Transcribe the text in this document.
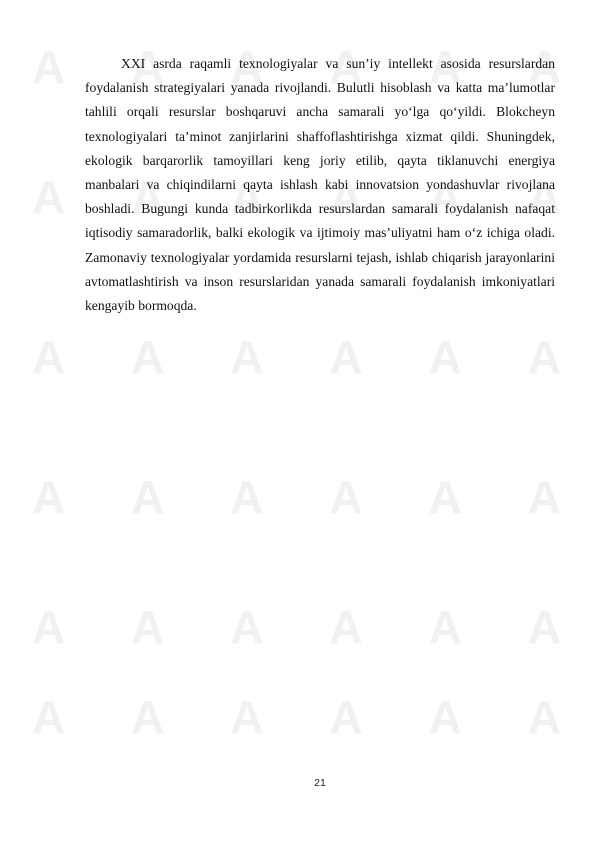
A A A A A A
A A A A A A
A A A A A A
A A A A A A
A A A A A A
A A A A A A

XXI asrda raqamli texnologiyalar va sun’iy intellekt asosida resurslardan foydalanish strategiyalari yanada rivojlandi. Bulutli hisoblash va katta ma’lumotlar tahlili orqali resurslar boshqaruvi ancha samarali yo‘lga qo‘yildi. Blokcheyn texnologiyalari ta’minot zanjirlarini shaffoflashtirishga xizmat qildi. Shuningdek, ekologik barqarorlik tamoyillari keng joriy etilib, qayta tiklanuvchi energiya manbalari va chiqindilarni qayta ishlash kabi innovatsion yondashuvlar rivojlana boshladi. Bugungi kunda tadbirkorlikda resurslardan samarali foydalanish nafaqat iqtisodiy samaradorlik, balki ekologik va ijtimoiy mas’uliyatni ham o‘z ichiga oladi. Zamonaviy texnologiyalar yordamida resurslarni tejash, ishlab chiqarish jarayonlarini avtomatlashtirish va inson resurslaridan yanada samarali foydalanish imkoniyatlari kengayib bormoqda.

21
